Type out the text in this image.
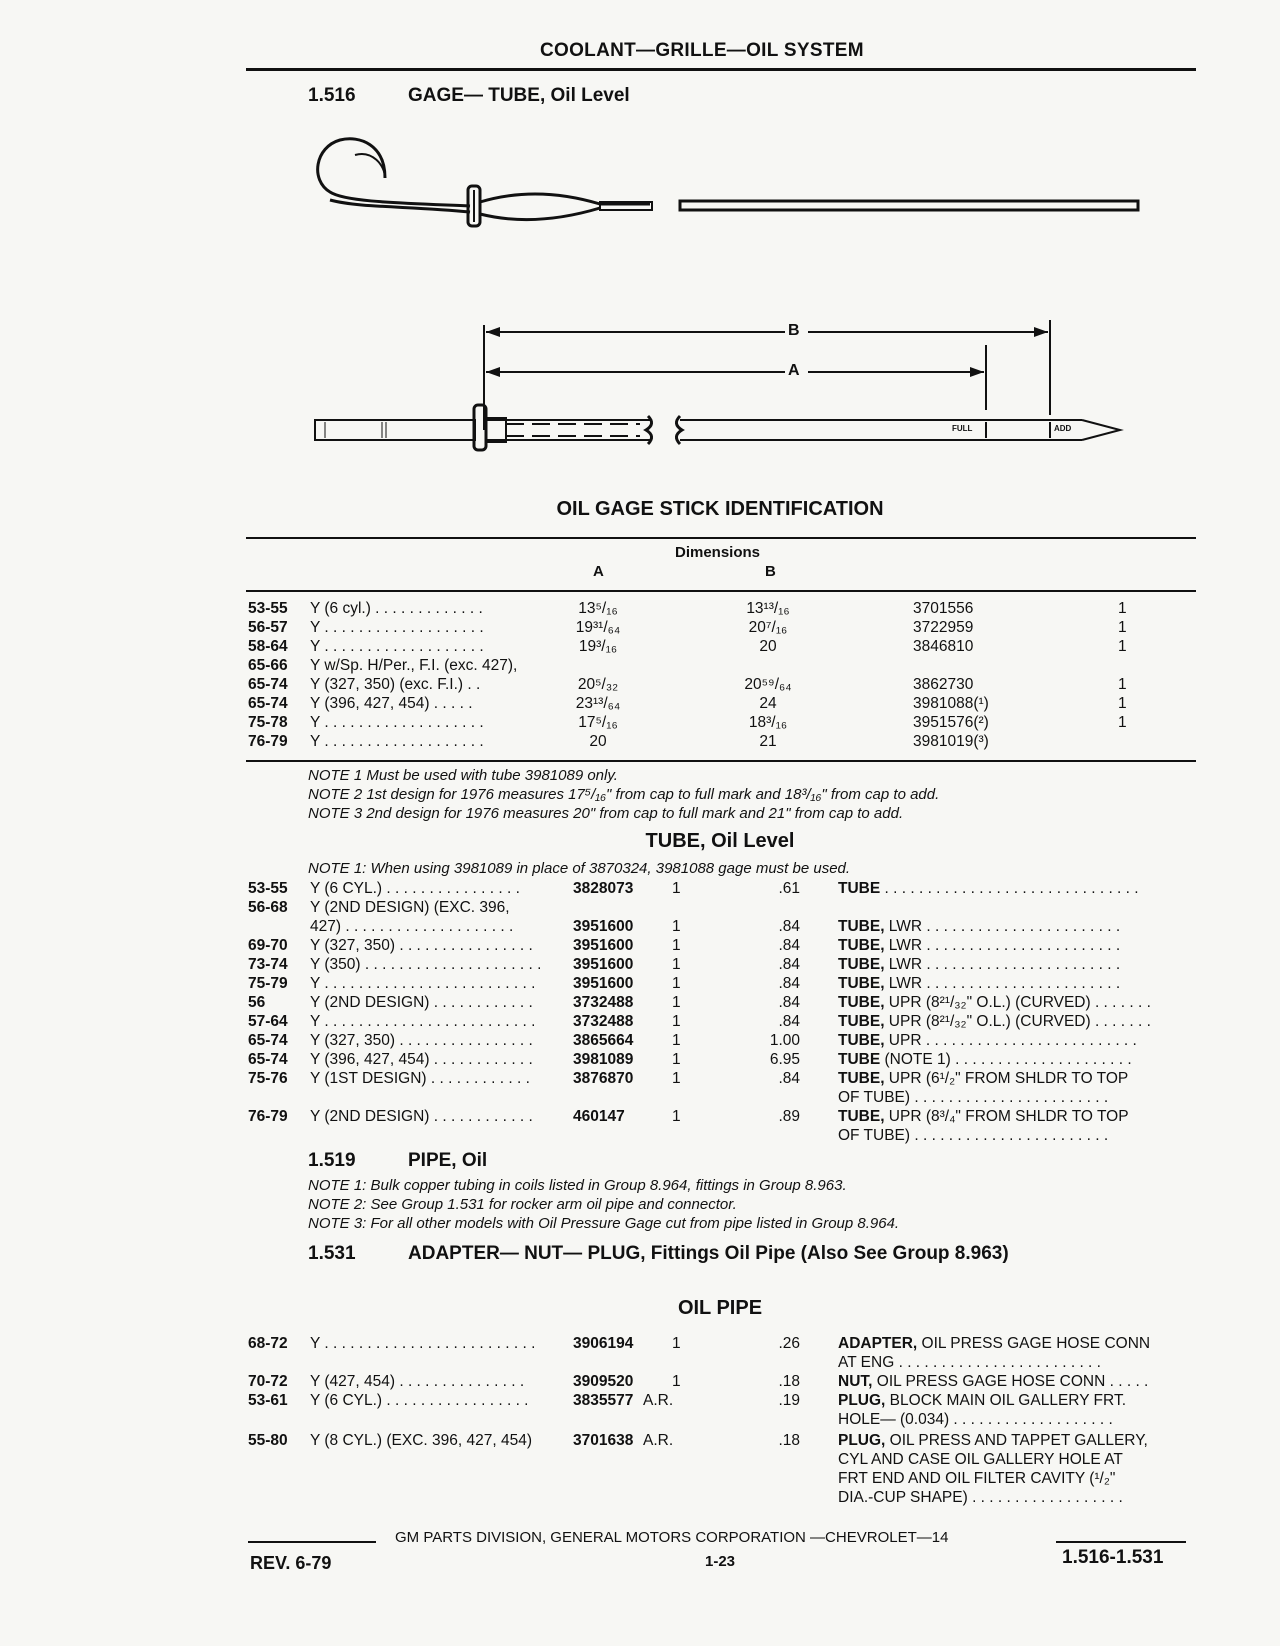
COOLANT—GRILLE—OIL SYSTEM
1.516	GAGE— TUBE, Oil Level
B
A
FULL	ADD
OIL GAGE STICK IDENTIFICATION
Dimensions
A	B
53-55 Y (6 cyl.) . . . . . . . . . . . . .	13⁵/₁₆	13¹³/₁₆	3701556	1
56-57 Y . . . . . . . . . . . . . . . . . . .	19³¹/₆₄	20⁷/₁₆	3722959	1
58-64 Y . . . . . . . . . . . . . . . . . . .	19³/₁₆	20	3846810	1
65-66 Y w/Sp. H/Per., F.I. (exc. 427),
65-74 Y (327, 350) (exc. F.I.) . .	20⁵/₃₂	20⁵⁹/₆₄	3862730	1
65-74 Y (396, 427, 454) . . . . .	23¹³/₆₄	24	3981088(¹)	1
75-78 Y . . . . . . . . . . . . . . . . . . .	17⁵/₁₆	18³/₁₆	3951576(²)	1
76-79 Y . . . . . . . . . . . . . . . . . . .	20	21	3981019(³)
NOTE 1 Must be used with tube 3981089 only.
NOTE 2 1st design for 1976 measures 17⁵/₁₆" from cap to full mark and 18³/₁₆" from cap to add.
NOTE 3 2nd design for 1976 measures 20" from cap to full mark and 21" from cap to add.
TUBE, Oil Level
NOTE 1: When using 3981089 in place of 3870324, 3981088 gage must be used.
53-55 Y (6 CYL.) . . . . . . . . . . . . . . . .	3828073 1	.61 TUBE . . . . . . . . . . . . . . . . . . . . . . . . . . . . . .
56-68 Y (2ND DESIGN) (EXC. 396,
427) . . . . . . . . . . . . . . . . . . . .	3951600 1	.84 TUBE, LWR . . . . . . . . . . . . . . . . . . . . . . .
69-70 Y (327, 350) . . . . . . . . . . . . . . . .	3951600 1	.84 TUBE, LWR . . . . . . . . . . . . . . . . . . . . . . .
73-74 Y (350) . . . . . . . . . . . . . . . . . . . . . 3951600 1	.84 TUBE, LWR . . . . . . . . . . . . . . . . . . . . . . .
75-79 Y . . . . . . . . . . . . . . . . . . . . . . . . . 3951600 1	.84 TUBE, LWR . . . . . . . . . . . . . . . . . . . . . . .
56	Y (2ND DESIGN) . . . . . . . . . . . .	3732488 1	.84 TUBE, UPR (8²¹/₃₂" O.L.) (CURVED) . . . . . . .
57-64 Y . . . . . . . . . . . . . . . . . . . . . . . . . 3732488 1	.84 TUBE, UPR (8²¹/₃₂" O.L.) (CURVED) . . . . . . .
65-74 Y (327, 350) . . . . . . . . . . . . . . . .	3865664 1	1.00 TUBE, UPR . . . . . . . . . . . . . . . . . . . . . . . . .
65-74 Y (396, 427, 454) . . . . . . . . . . . .	3981089 1	6.95 TUBE (NOTE 1) . . . . . . . . . . . . . . . . . . . . .
75-76 Y (1ST DESIGN) . . . . . . . . . . . .	3876870 1	.84 TUBE, UPR (6¹/₂" FROM SHLDR TO TOP
OF TUBE) . . . . . . . . . . . . . . . . . . . . . . .
76-79 Y (2ND DESIGN) . . . . . . . . . . . .	460147	1	.89 TUBE, UPR (8³/₄" FROM SHLDR TO TOP
OF TUBE) . . . . . . . . . . . . . . . . . . . . . . .
1.519	PIPE, Oil
NOTE 1: Bulk copper tubing in coils listed in Group 8.964, fittings in Group 8.963.
NOTE 2: See Group 1.531 for rocker arm oil pipe and connector.
NOTE 3: For all other models with Oil Pressure Gage cut from pipe listed in Group 8.964.
1.531	ADAPTER— NUT— PLUG, Fittings Oil Pipe (Also See Group 8.963)
OIL PIPE
68-72 Y . . . . . . . . . . . . . . . . . . . . . . . . . 3906194 1	.26 ADAPTER, OIL PRESS GAGE HOSE CONN
AT ENG . . . . . . . . . . . . . . . . . . . . . . . .
70-72 Y (427, 454) . . . . . . . . . . . . . . .	3909520 1	.18 NUT, OIL PRESS GAGE HOSE CONN . . . . .
53-61 Y (6 CYL.) . . . . . . . . . . . . . . . . .	3835577 A.R.	.19 PLUG, BLOCK MAIN OIL GALLERY FRT.
HOLE— (0.034) . . . . . . . . . . . . . . . . . . .
55-80 Y (8 CYL.) (EXC. 396, 427, 454)	3701638 A.R.	.18 PLUG, OIL PRESS AND TAPPET GALLERY,
CYL AND CASE OIL GALLERY HOLE AT
FRT END AND OIL FILTER CAVITY (¹/₂"
DIA.-CUP SHAPE) . . . . . . . . . . . . . . . . . .
GM PARTS DIVISION, GENERAL MOTORS CORPORATION —CHEVROLET—14
REV. 6-79	1-23	1.516-1.531
